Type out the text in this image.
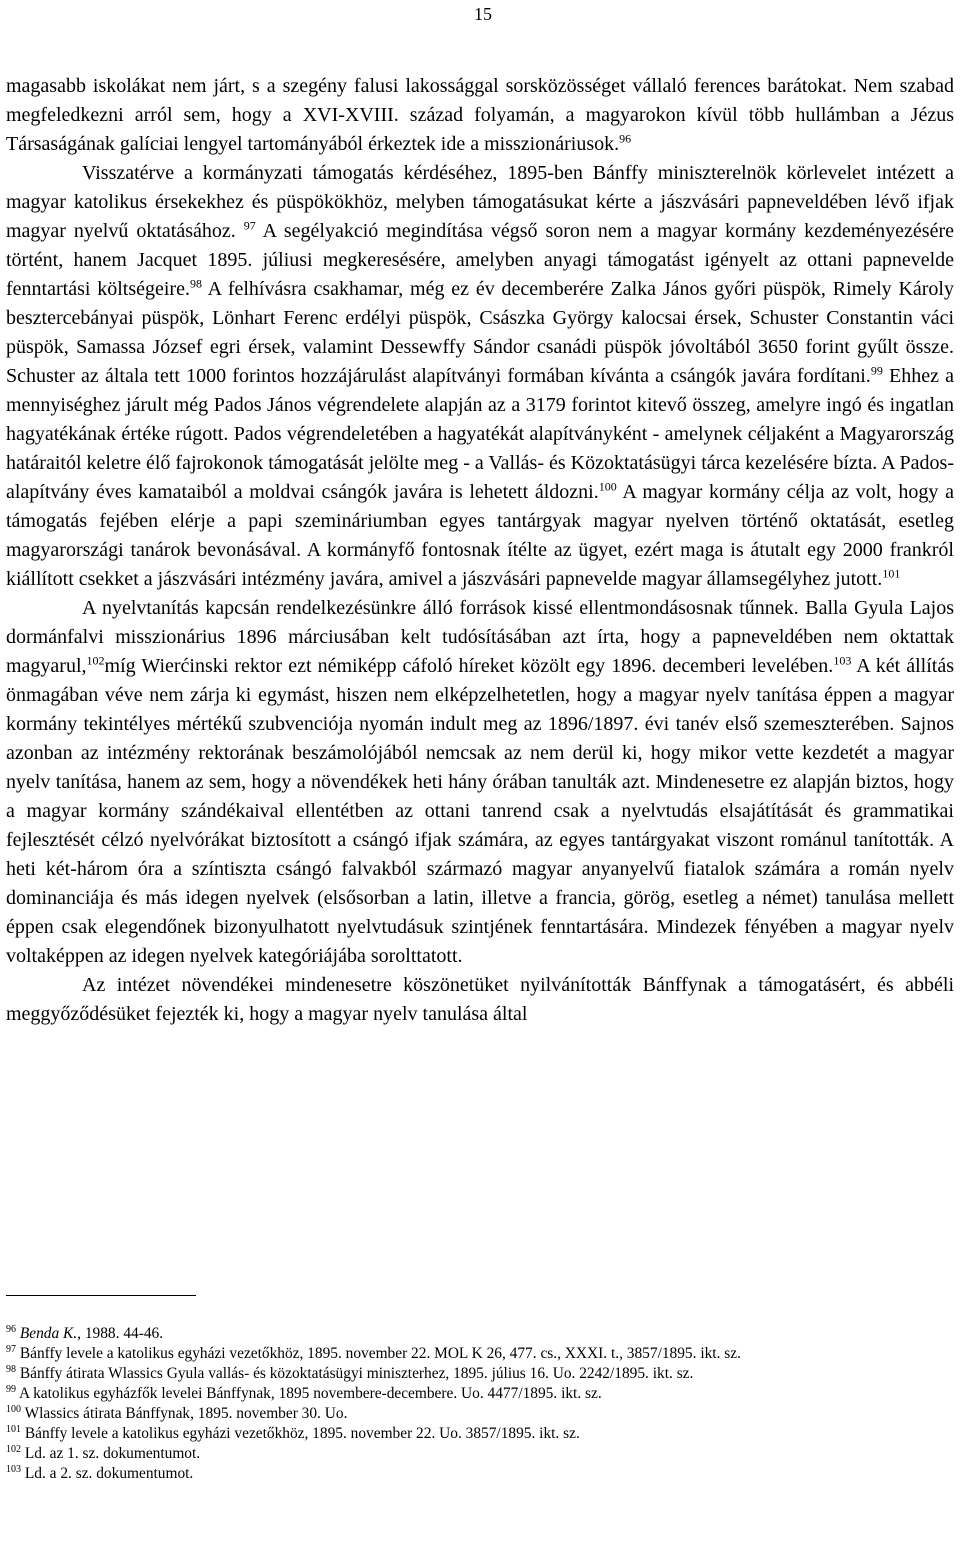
15

magasabb iskolákat nem járt, s a szegény falusi lakossággal sorsközösséget vállaló ferences barátokat. Nem szabad megfeledkezni arról sem, hogy a XVI-XVIII. század folyamán, a magyarokon kívül több hullámban a Jézus Társaságának galíciai lengyel tartományából érkeztek ide a misszionáriusok.$^{96}$

Visszatérve a kormányzati támogatás kérdéséhez, 1895-ben Bánffy miniszterelnök körlevelet intézett a magyar katolikus érsekekhez és püspökökhöz, melyben támogatásukat kérte a jászvásári papneveldében lévő ifjak magyar nyelvű oktatásához. $^{97}$ A segélyakció megindítása végső soron nem a magyar kormány kezdeményezésére történt, hanem Jacquet 1895. júliusi megkeresésére, amelyben anyagi támogatást igényelt az ottani papnevelde fenntartási költségeire.$^{98}$ A felhívásra csakhamar, még ez év decemberére Zalka János győri püspök, Rimely Károly besztercebányai püspök, Lönhart Ferenc erdélyi püspök, Császka György kalocsai érsek, Schuster Constantin váci püspök, Samassa József egri érsek, valamint Dessewffy Sándor csanádi püspök jóvoltából 3650 forint gyűlt össze. Schuster az általa tett 1000 forintos hozzájárulást alapítványi formában kívánta a csángók javára fordítani.$^{99}$ Ehhez a mennyiséghez járult még Pados János végrendelete alapján az a 3179 forintot kitevő összeg, amelyre ingó és ingatlan hagyatékának értéke rúgott. Pados végrendeletében a hagyatékát alapítványként - amelynek céljaként a Magyarország határaitól keletre élő fajrokonok támogatását jelölte meg - a Vallás- és Közoktatásügyi tárca kezelésére bízta. A Pados-alapítvány éves kamataiból a moldvai csángók javára is lehetett áldozni.$^{100}$ A magyar kormány célja az volt, hogy a támogatás fejében elérje a papi szemináriumban egyes tantárgyak magyar nyelven történő oktatását, esetleg magyarországi tanárok bevonásával. A kormányfő fontosnak ítélte az ügyet, ezért maga is átutalt egy 2000 frankról kiállított csekket a jászvásári intézmény javára, amivel a jászvásári papnevelde magyar államsegélyhez jutott.$^{101}$

A nyelvtanítás kapcsán rendelkezésünkre álló források kissé ellentmondásosnak tűnnek. Balla Gyula Lajos dormánfalvi misszionárius 1896 márciusában kelt tudósításában azt írta, hogy a papneveldében nem oktattak magyarul,$^{102}$míg Wierćinski rektor ezt némiképp cáfoló híreket közölt egy 1896. decemberi levelében.$^{103}$ A két állítás önmagában véve nem zárja ki egymást, hiszen nem elképzelhetetlen, hogy a magyar nyelv tanítása éppen a magyar kormány tekintélyes mértékű szubvenciója nyomán indult meg az 1896/1897. évi tanév első szemeszterében. Sajnos azonban az intézmény rektorának beszámolójából nemcsak az nem derül ki, hogy mikor vette kezdetét a magyar nyelv tanítása, hanem az sem, hogy a növendékek heti hány órában tanulták azt. Mindenesetre ez alapján biztos, hogy a magyar kormány szándékaival ellentétben az ottani tanrend csak a nyelvtudás elsajátítását és grammatikai fejlesztését célzó nyelvórákat biztosított a csángó ifjak számára, az egyes tantárgyakat viszont románul tanították. A heti két-három óra a színtiszta csángó falvakból származó magyar anyanyelvű fiatalok számára a román nyelv dominanciája és más idegen nyelvek (elsősorban a latin, illetve a francia, görög, esetleg a német) tanulása mellett éppen csak elegendőnek bizonyulhatott nyelvtudásuk szintjének fenntartására. Mindezek fényében a magyar nyelv voltaképpen az idegen nyelvek kategóriájába sorolttatott.

Az intézet növendékei mindenesetre köszönetüket nyilvánították Bánffynak a támogatásért, és abbéli meggyőződésüket fejezték ki, hogy a magyar nyelv tanulása által

$^{96}$ Benda K., 1988. 44-46.
$^{97}$ Bánffy levele a katolikus egyházi vezetőkhöz, 1895. november 22. MOL K 26, 477. cs., XXXI. t., 3857/1895. ikt. sz.
$^{98}$ Bánffy átirata Wlassics Gyula vallás- és közoktatásügyi miniszterhez, 1895. július 16. Uo. 2242/1895. ikt. sz.
$^{99}$ A katolikus egyházfők levelei Bánffynak, 1895 novembere-decembere. Uo. 4477/1895. ikt. sz.
$^{100}$ Wlassics átirata Bánffynak, 1895. november 30. Uo.
$^{101}$ Bánffy levele a katolikus egyházi vezetőkhöz, 1895. november 22. Uo. 3857/1895. ikt. sz.
$^{102}$ Ld. az 1. sz. dokumentumot.
$^{103}$ Ld. a 2. sz. dokumentumot.
